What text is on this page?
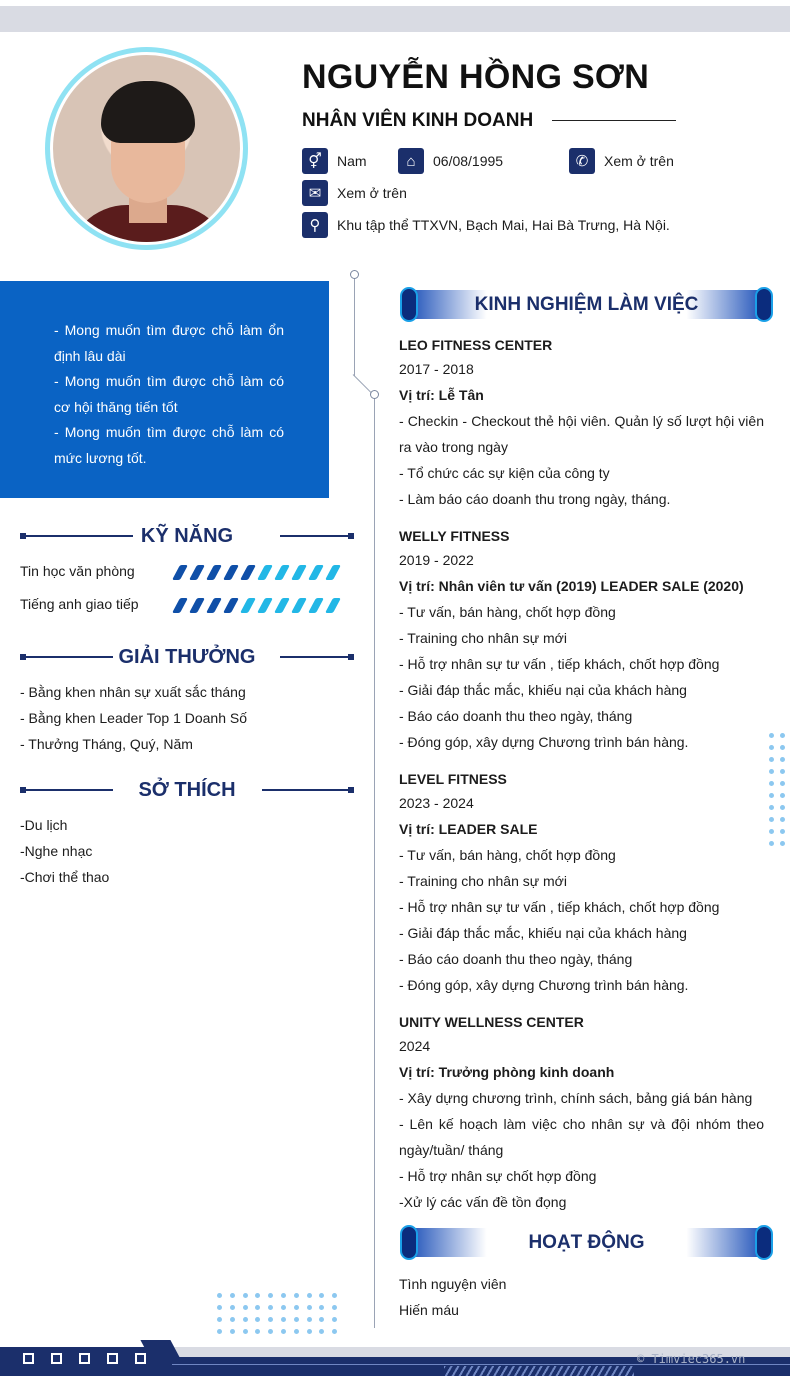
NGUYỄN HỒNG SƠN
NHÂN VIÊN KINH DOANH
⚥	Nam	⌂	06/08/1995	✆	Xem ở trên
✉	Xem ở trên
⚲	Khu tập thể TTXVN, Bạch Mai, Hai Bà Trưng, Hà Nội.
- Mong muốn tìm được chỗ làm ổn định lâu dài
- Mong muốn tìm được chỗ làm có cơ hội thăng tiến tốt
- Mong muốn tìm được chỗ làm có mức lương tốt.
KỸ NĂNG
Tin học văn phòng
Tiếng anh giao tiếp
GIẢI THƯỞNG
- Bằng khen nhân sự xuất sắc tháng
- Bằng khen Leader Top 1 Doanh Số
- Thưởng Tháng, Quý, Năm
SỞ THÍCH
-Du lịch
-Nghe nhạc
-Chơi thể thao
KINH NGHIỆM LÀM VIỆC
LEO FITNESS CENTER
2017 - 2018
Vị trí: Lễ Tân
- Checkin - Checkout thẻ hội viên. Quản lý số lượt hội viên ra vào trong ngày
- Tổ chức các sự kiện của công ty
- Làm báo cáo doanh thu trong ngày, tháng.
WELLY FITNESS
2019 - 2022
Vị trí: Nhân viên tư vấn (2019) LEADER SALE (2020)
- Tư vấn, bán hàng, chốt hợp đồng
- Training cho nhân sự mới
- Hỗ trợ nhân sự tư vấn , tiếp khách, chốt hợp đồng
- Giải đáp thắc mắc, khiếu nại của khách hàng
- Báo cáo doanh thu theo ngày, tháng
- Đóng góp, xây dựng Chương trình bán hàng.
LEVEL FITNESS
2023 - 2024
Vị trí: LEADER SALE
- Tư vấn, bán hàng, chốt hợp đồng
- Training cho nhân sự mới
- Hỗ trợ nhân sự tư vấn , tiếp khách, chốt hợp đồng
- Giải đáp thắc mắc, khiếu nại của khách hàng
- Báo cáo doanh thu theo ngày, tháng
- Đóng góp, xây dựng Chương trình bán hàng.
UNITY WELLNESS CENTER
2024
Vị trí: Trưởng phòng kinh doanh
- Xây dựng chương trình, chính sách, bảng giá bán hàng
- Lên kế hoạch làm việc cho nhân sự và đội nhóm theo ngày/tuần/ tháng
- Hỗ trợ nhân sự chốt hợp đồng
-Xử lý các vấn đề tồn đọng
HOẠT ĐỘNG
Tình nguyện viên
Hiến máu
© Timviec365.vn
